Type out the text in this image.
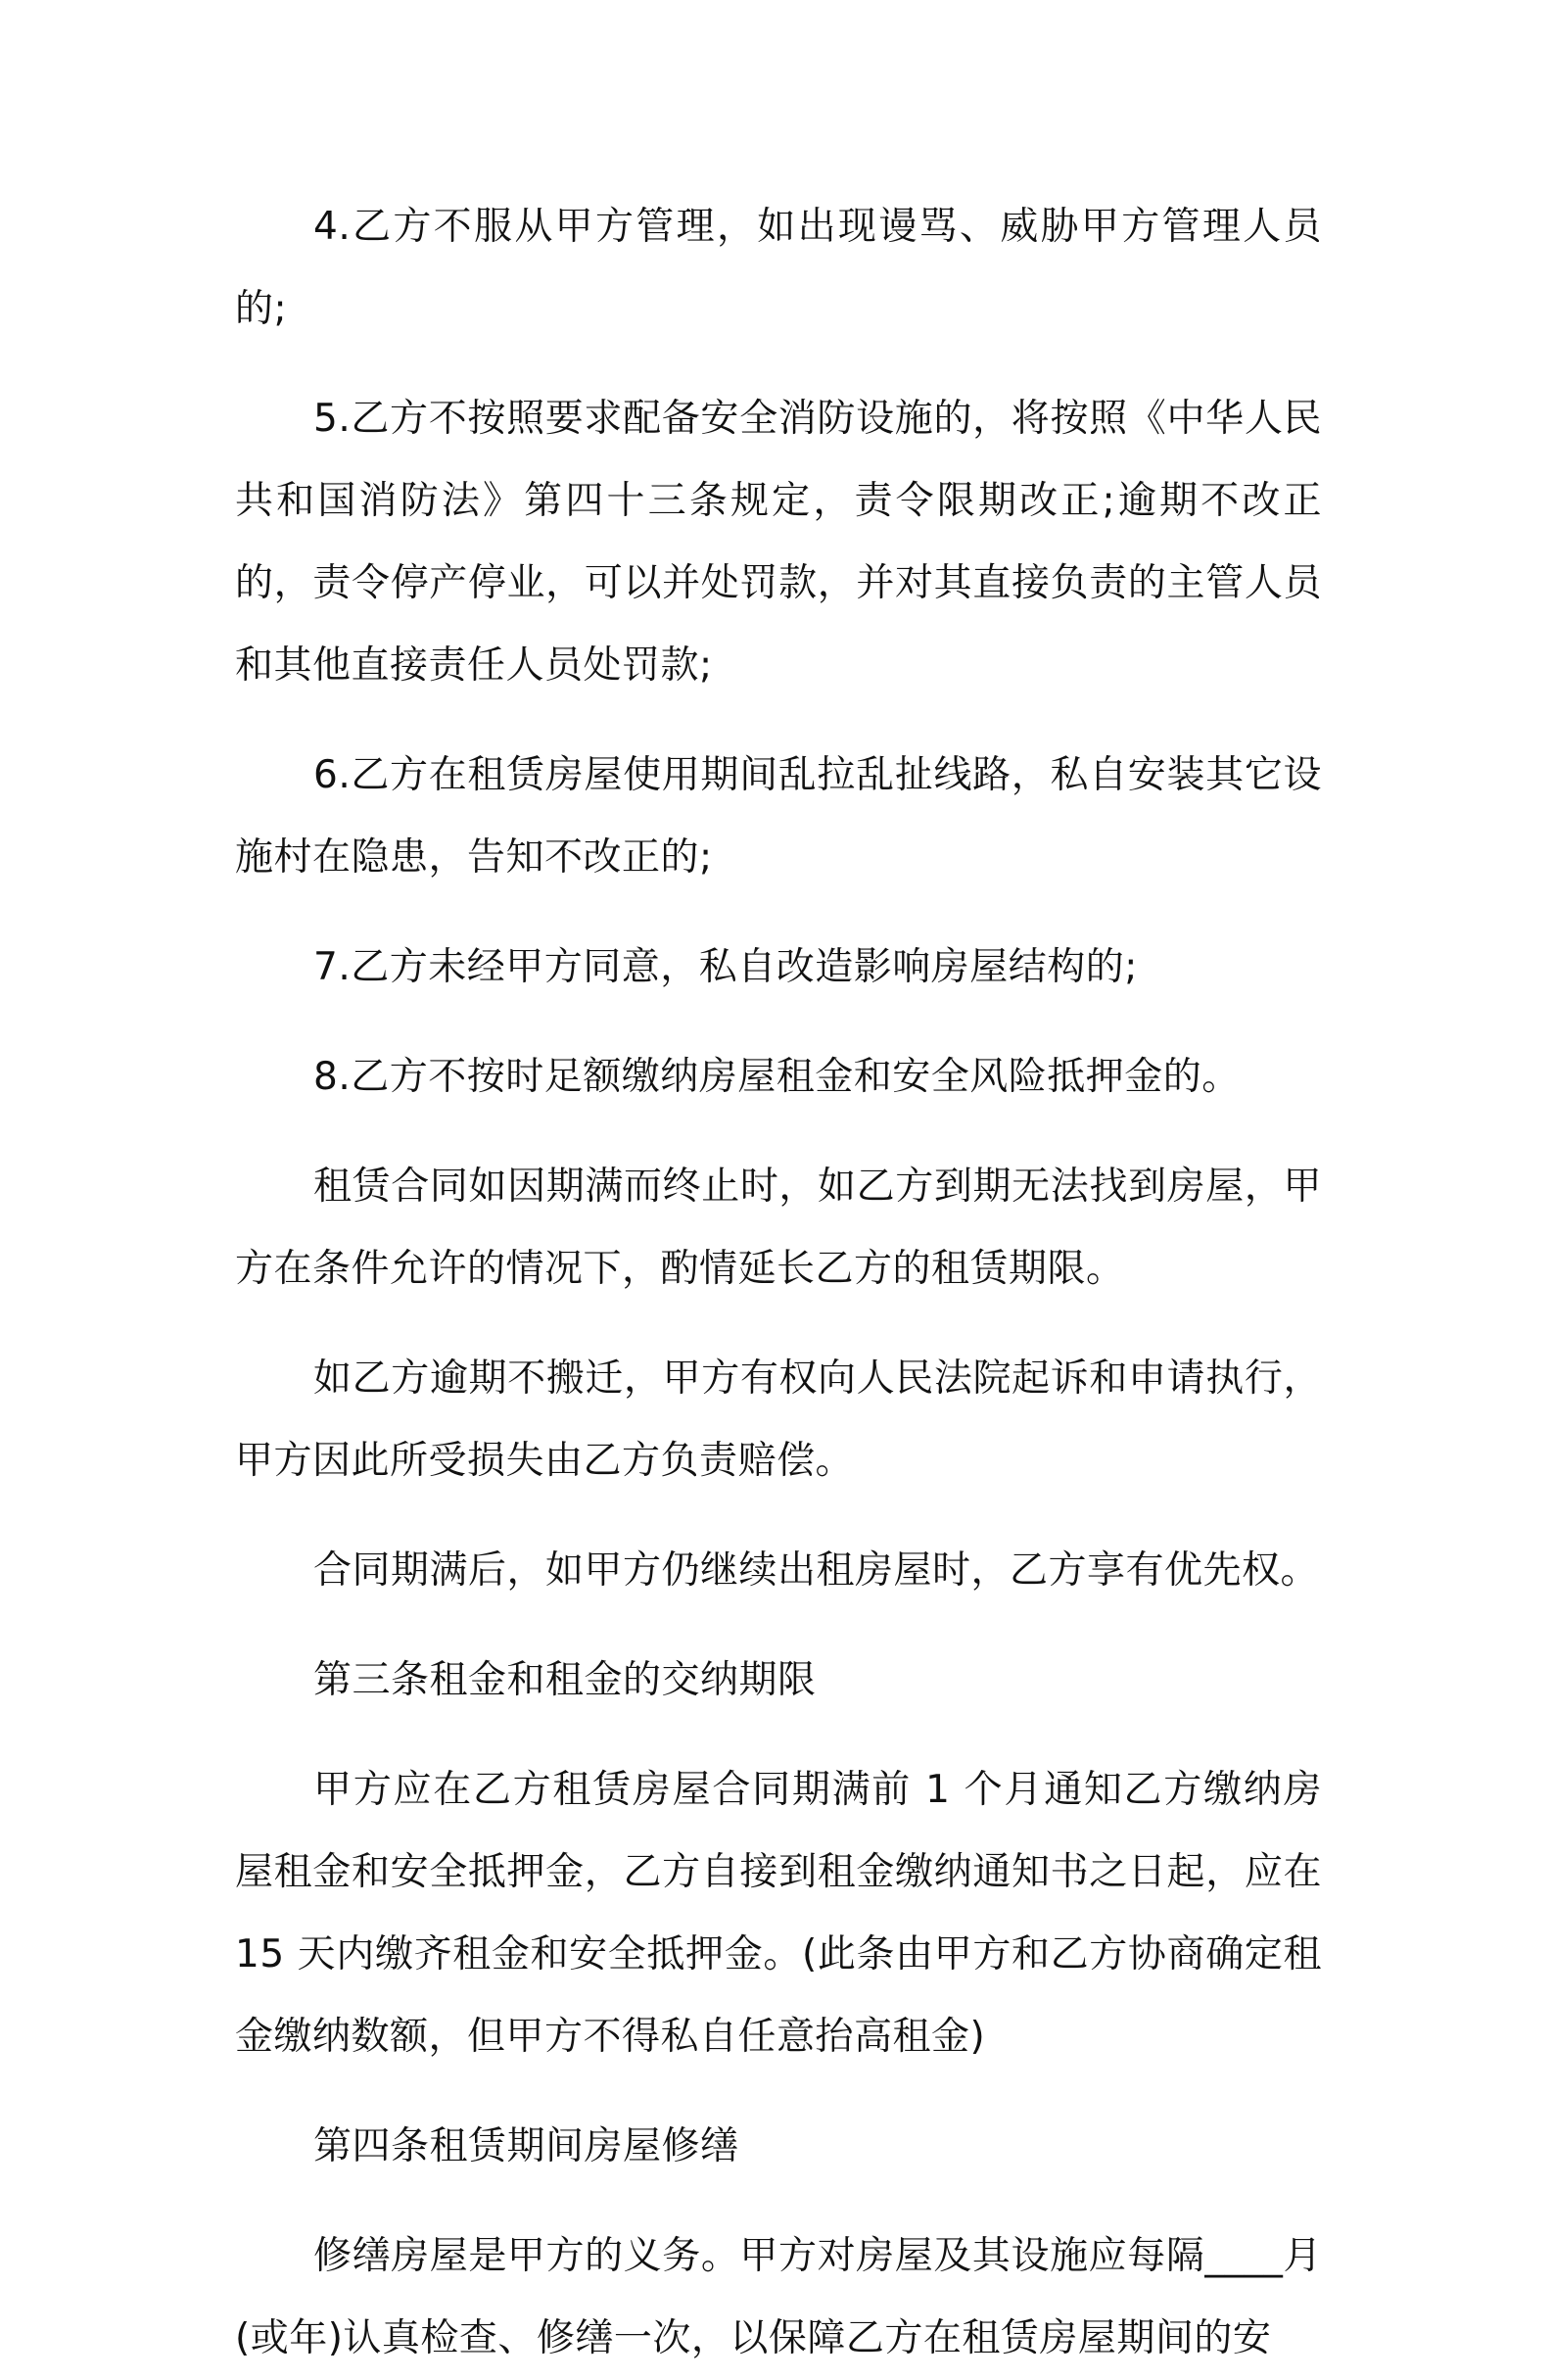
4.乙方不服从甲方管理，如出现谩骂、威胁甲方管理人员的;

5.乙方不按照要求配备安全消防设施的，将按照《中华人民共和国消防法》第四十三条规定，责令限期改正;逾期不改正的，责令停产停业，可以并处罚款，并对其直接负责的主管人员和其他直接责任人员处罚款;

6.乙方在租赁房屋使用期间乱拉乱扯线路，私自安装其它设施村在隐患，告知不改正的;

7.乙方未经甲方同意，私自改造影响房屋结构的;

8.乙方不按时足额缴纳房屋租金和安全风险抵押金的。

租赁合同如因期满而终止时，如乙方到期无法找到房屋，甲方在条件允许的情况下，酌情延长乙方的租赁期限。

如乙方逾期不搬迁，甲方有权向人民法院起诉和申请执行，甲方因此所受损失由乙方负责赔偿。

合同期满后，如甲方仍继续出租房屋时，乙方享有优先权。

第三条租金和租金的交纳期限

甲方应在乙方租赁房屋合同期满前 1 个月通知乙方缴纳房屋租金和安全抵押金，乙方自接到租金缴纳通知书之日起，应在15 天内缴齐租金和安全抵押金。(此条由甲方和乙方协商确定租金缴纳数额，但甲方不得私自任意抬高租金)

第四条租赁期间房屋修缮

修缮房屋是甲方的义务。甲方对房屋及其设施应每隔____月(或年)认真检查、修缮一次，以保障乙方在租赁房屋期间的安
